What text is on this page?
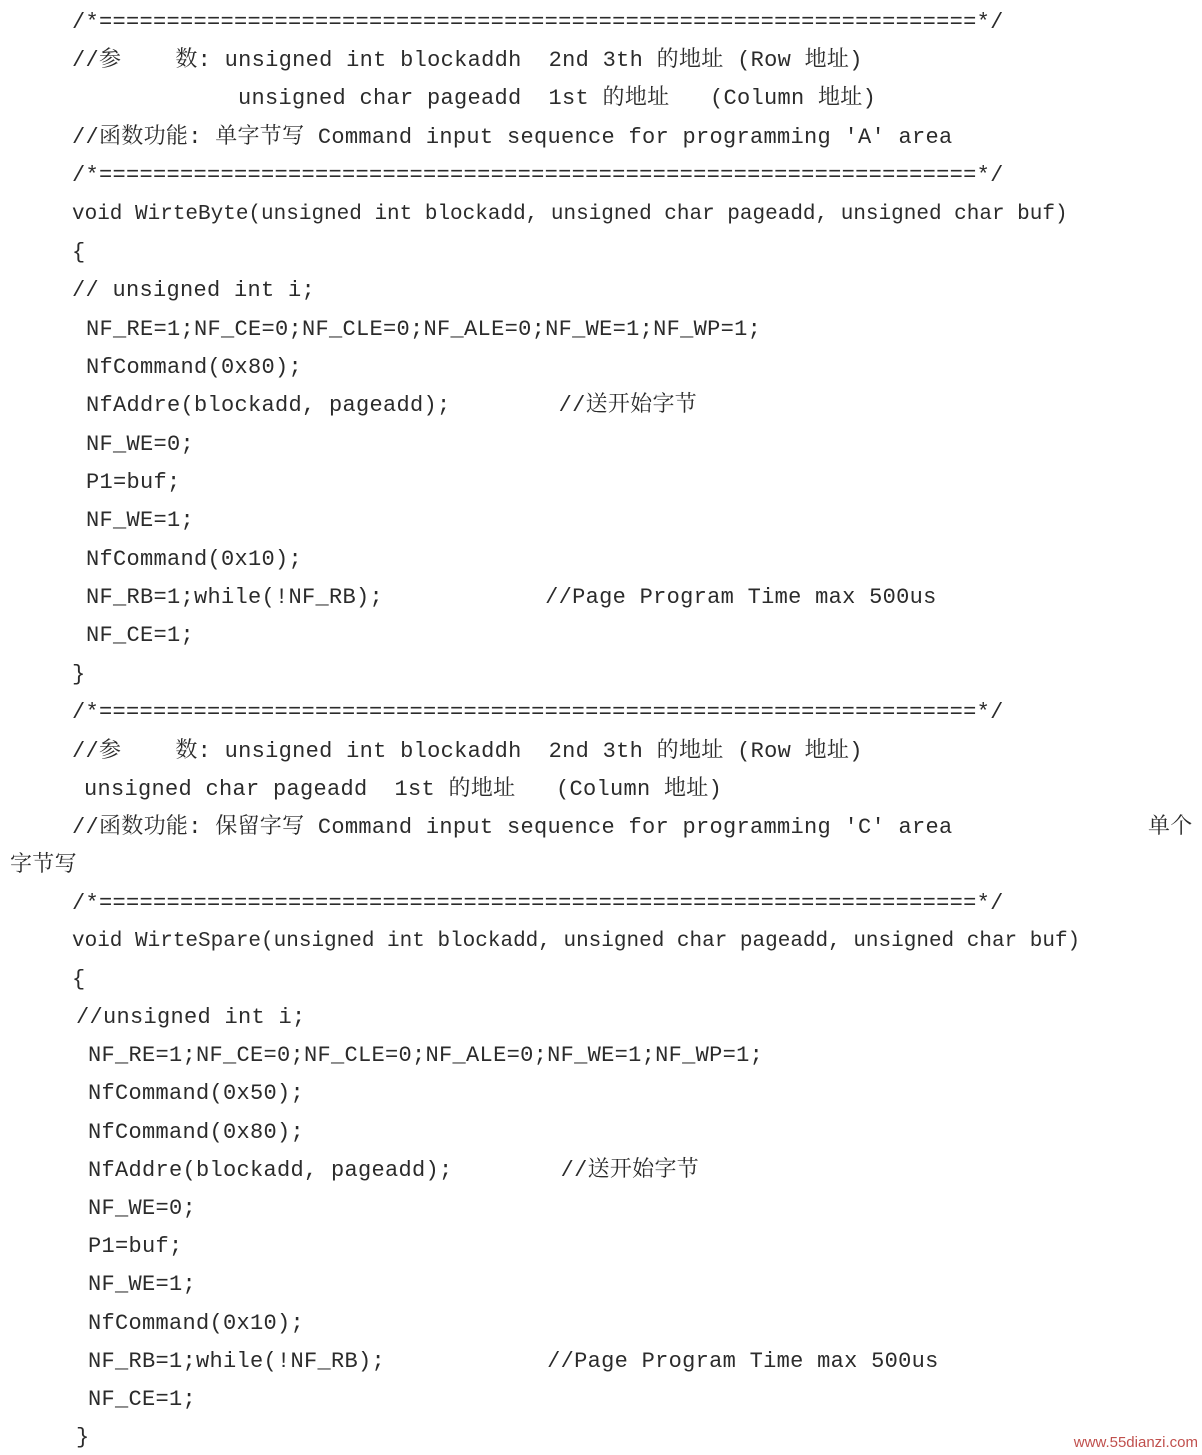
/*=================================================================*/
//参    数: unsigned int blockaddh  2nd 3th 的地址 (Row 地址)
unsigned char pageadd  1st 的地址   (Column 地址)
//函数功能: 单字节写 Command input sequence for programming 'A' area
/*=================================================================*/
void WirteByte(unsigned int blockadd, unsigned char pageadd, unsigned char buf)
{
// unsigned int i;
NF_RE=1;NF_CE=0;NF_CLE=0;NF_ALE=0;NF_WE=1;NF_WP=1;
NfCommand(0x80);
NfAddre(blockadd, pageadd);        //送开始字节
NF_WE=0;
P1=buf;
NF_WE=1;
NfCommand(0x10);
NF_RB=1;while(!NF_RB);            //Page Program Time max 500us
NF_CE=1;
}
/*=================================================================*/
//参    数: unsigned int blockaddh  2nd 3th 的地址 (Row 地址)
unsigned char pageadd  1st 的地址   (Column 地址)
//函数功能: 保留字写 Command input sequence for programming 'C' area	单个
字节写
/*=================================================================*/
void WirteSpare(unsigned int blockadd, unsigned char pageadd, unsigned char buf)
{
//unsigned int i;
NF_RE=1;NF_CE=0;NF_CLE=0;NF_ALE=0;NF_WE=1;NF_WP=1;
NfCommand(0x50);
NfCommand(0x80);
NfAddre(blockadd, pageadd);        //送开始字节
NF_WE=0;
P1=buf;
NF_WE=1;
NfCommand(0x10);
NF_RB=1;while(!NF_RB);            //Page Program Time max 500us
NF_CE=1;
}	www.55dianzi.com
